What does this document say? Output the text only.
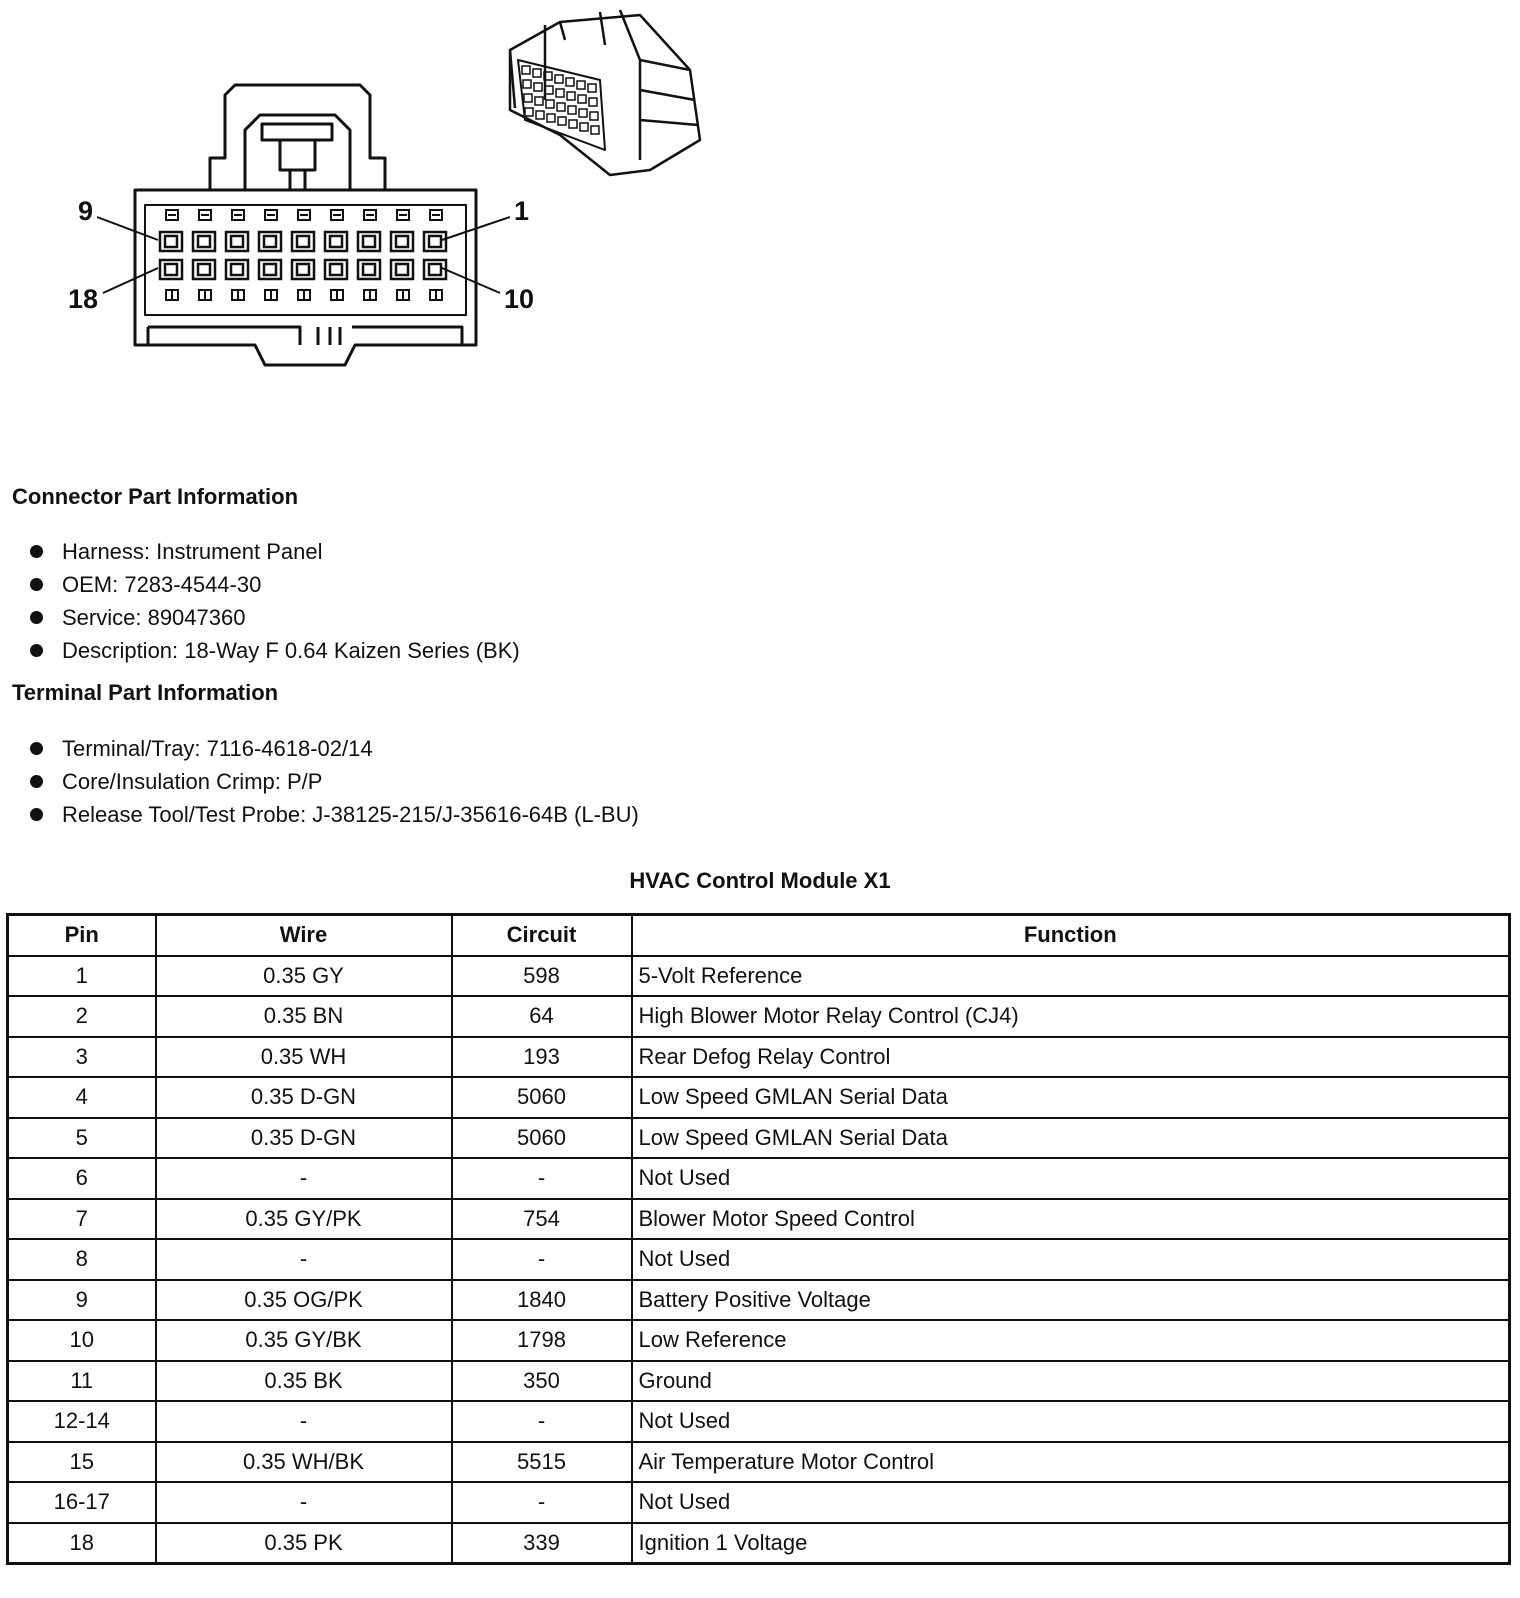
9	1
18	10
Connector Part Information
Harness: Instrument Panel
OEM: 7283-4544-30
Service: 89047360
Description: 18-Way F 0.64 Kaizen Series (BK)
Terminal Part Information
Terminal/Tray: 7116-4618-02/14
Core/Insulation Crimp: P/P
Release Tool/Test Probe: J-38125-215/J-35616-64B (L-BU)
HVAC Control Module X1
Pin	Wire	Circuit	Function
1	0.35 GY	598	5-Volt Reference
2	0.35 BN	64	High Blower Motor Relay Control (CJ4)
3	0.35 WH	193	Rear Defog Relay Control
4	0.35 D-GN	5060	Low Speed GMLAN Serial Data
5	0.35 D-GN	5060	Low Speed GMLAN Serial Data
6	-	-	Not Used
7	0.35 GY/PK	754	Blower Motor Speed Control
8	-	-	Not Used
9	0.35 OG/PK	1840	Battery Positive Voltage
10	0.35 GY/BK	1798	Low Reference
11	0.35 BK	350	Ground
12-14	-	-	Not Used
15	0.35 WH/BK	5515	Air Temperature Motor Control
16-17	-	-	Not Used
18	0.35 PK	339	Ignition 1 Voltage
